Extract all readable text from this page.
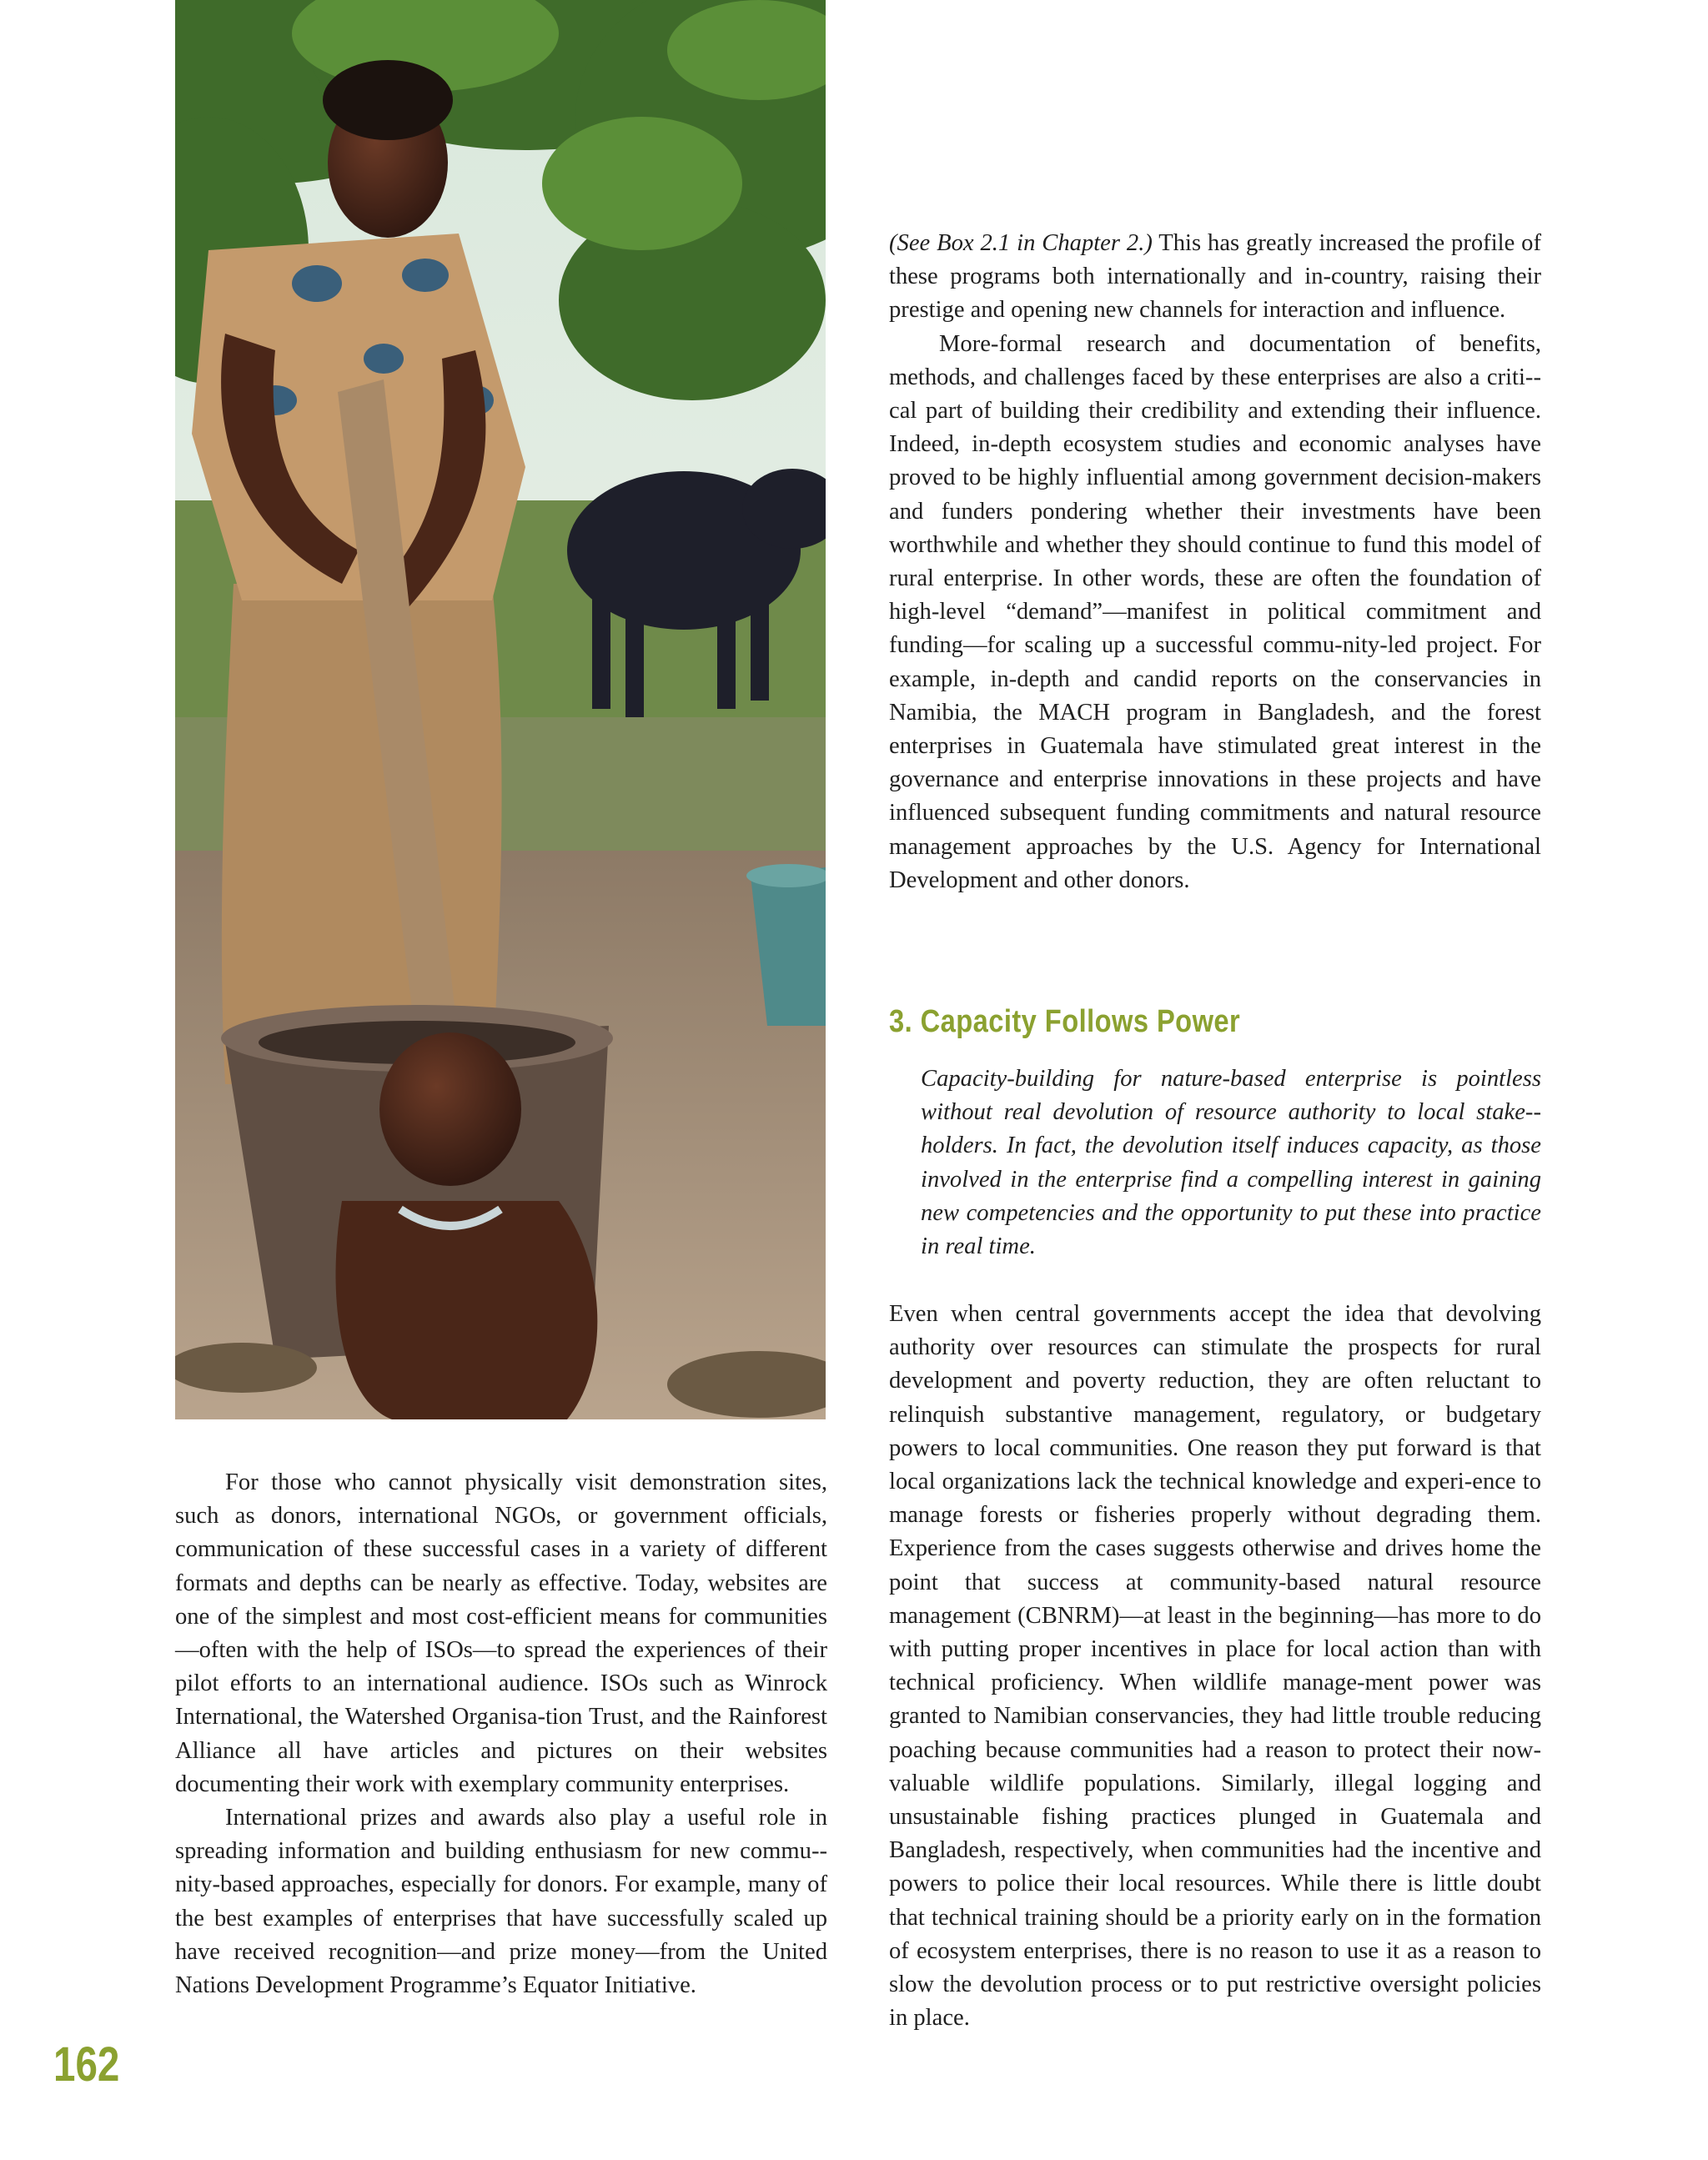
(See Box 2.1 in Chapter 2.) This has greatly increased the profile of these programs both internationally and in-country, raising their prestige and opening new channels for interaction and influence.

More-formal research and documentation of benefits, methods, and challenges faced by these enterprises are also a criti-cal part of building their credibility and extending their influence. Indeed, in-depth ecosystem studies and economic analyses have proved to be highly influential among government decision-makers and funders pondering whether their investments have been worthwhile and whether they should continue to fund this model of rural enterprise. In other words, these are often the foundation of high-level “demand”—manifest in political commitment and funding—for scaling up a successful commu-nity-led project. For example, in-depth and candid reports on the conservancies in Namibia, the MACH program in Bangladesh, and the forest enterprises in Guatemala have stimulated great interest in the governance and enterprise innovations in these projects and have influenced subsequent funding commitments and natural resource management approaches by the U.S. Agency for International Development and other donors.

3. Capacity Follows Power

Capacity-building for nature-based enterprise is pointless without real devolution of resource authority to local stake-holders. In fact, the devolution itself induces capacity, as those involved in the enterprise find a compelling interest in gaining new competencies and the opportunity to put these into practice in real time.

Even when central governments accept the idea that devolving authority over resources can stimulate the prospects for rural development and poverty reduction, they are often reluctant to relinquish substantive management, regulatory, or budgetary powers to local communities. One reason they put forward is that local organizations lack the technical knowledge and experi-ence to manage forests or fisheries properly without degrading them. Experience from the cases suggests otherwise and drives home the point that success at community-based natural resource management (CBNRM)—at least in the beginning—has more to do with putting proper incentives in place for local action than with technical proficiency. When wildlife manage-ment power was granted to Namibian conservancies, they had little trouble reducing poaching because communities had a reason to protect their now-valuable wildlife populations. Similarly, illegal logging and unsustainable fishing practices plunged in Guatemala and Bangladesh, respectively, when communities had the incentive and powers to police their local resources. While there is little doubt that technical training should be a priority early on in the formation of ecosystem enterprises, there is no reason to use it as a reason to slow the devolution process or to put restrictive oversight policies in place.

For those who cannot physically visit demonstration sites, such as donors, international NGOs, or government officials, communication of these successful cases in a variety of different formats and depths can be nearly as effective. Today, websites are one of the simplest and most cost-efficient means for communities—often with the help of ISOs—to spread the experiences of their pilot efforts to an international audience. ISOs such as Winrock International, the Watershed Organisa-tion Trust, and the Rainforest Alliance all have articles and pictures on their websites documenting their work with exemplary community enterprises.

International prizes and awards also play a useful role in spreading information and building enthusiasm for new commu-nity-based approaches, especially for donors. For example, many of the best examples of enterprises that have successfully scaled up have received recognition—and prize money—from the United Nations Development Programme’s Equator Initiative.

162
